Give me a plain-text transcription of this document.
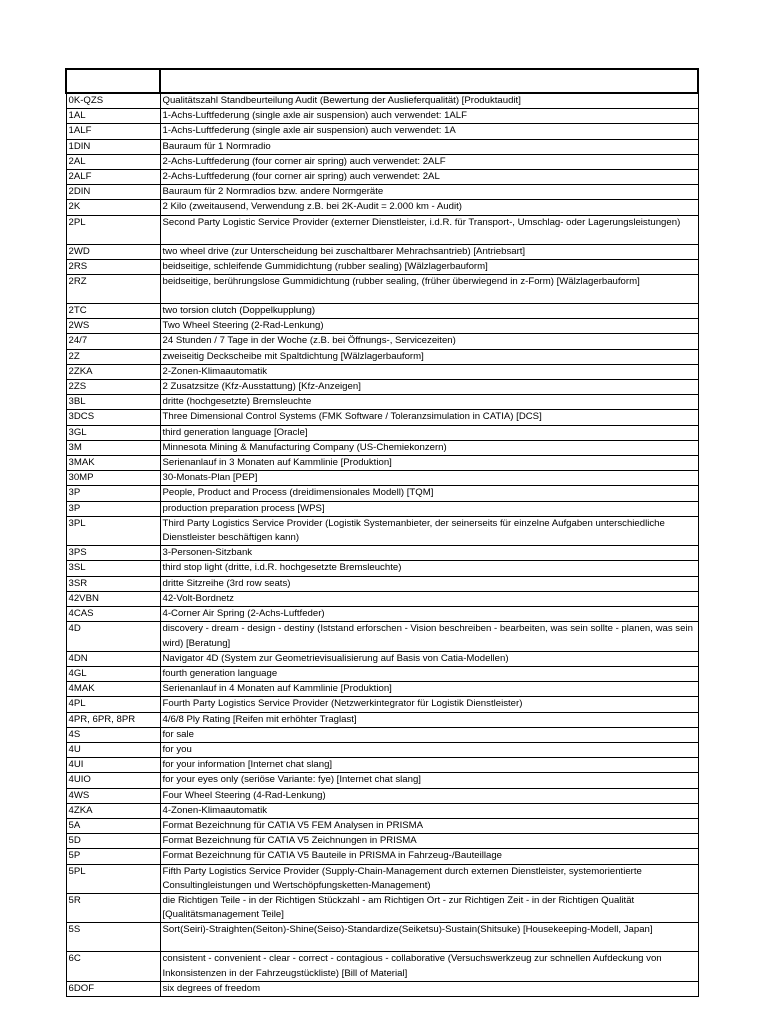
0K-QZS	Qualitätszahl Standbeurteilung Audit (Bewertung der Auslieferqualität) [Produktaudit]
1AL	1-Achs-Luftfederung (single axle air suspension) auch verwendet: 1ALF
1ALF	1-Achs-Luftfederung (single axle air suspension) auch verwendet: 1A
1DIN	Bauraum für 1 Normradio
2AL	2-Achs-Luftfederung (four corner air spring) auch verwendet: 2ALF
2ALF	2-Achs-Luftfederung (four corner air spring) auch verwendet: 2AL
2DIN	Bauraum für 2 Normradios bzw. andere Normgeräte
2K	2 Kilo (zweitausend, Verwendung z.B. bei 2K-Audit = 2.000 km - Audit)
2PL	Second Party Logistic Service Provider (externer Dienstleister, i.d.R. für Transport-, Umschlag- oder Lagerungsleistungen)
2WD	two wheel drive (zur Unterscheidung bei zuschaltbarer Mehrachsantrieb) [Antriebsart]
2RS	beidseitige, schleifende Gummidichtung (rubber sealing) [Wälzlagerbauform]
2RZ	beidseitige, berührungslose Gummidichtung (rubber sealing, (früher überwiegend in z-Form) [Wälzlagerbauform]
2TC	two torsion clutch (Doppelkupplung)
2WS	Two Wheel Steering (2-Rad-Lenkung)
24/7	24 Stunden / 7 Tage in der Woche (z.B. bei Öffnungs-, Servicezeiten)
2Z	zweiseitig Deckscheibe mit Spaltdichtung [Wälzlagerbauform]
2ZKA	2-Zonen-Klimaautomatik
2ZS	2 Zusatzsitze (Kfz-Ausstattung) [Kfz-Anzeigen]
3BL	dritte (hochgesetzte) Bremsleuchte
3DCS	Three Dimensional Control Systems (FMK Software / Toleranzsimulation in CATIA) [DCS]
3GL	third generation language [Oracle]
3M	Minnesota Mining & Manufacturing Company (US-Chemiekonzern)
3MAK	Serienanlauf in 3 Monaten auf Kammlinie [Produktion]
30MP	30-Monats-Plan [PEP]
3P	People, Product and Process (dreidimensionales Modell) [TQM]
3P	production preparation process [WPS]
3PL	Third Party Logistics Service Provider (Logistik Systemanbieter, der seinerseits für einzelne Aufgaben unterschiedliche Dienstleister beschäftigen kann)
3PS	3-Personen-Sitzbank
3SL	third stop light (dritte, i.d.R. hochgesetzte Bremsleuchte)
3SR	dritte Sitzreihe (3rd row seats)
42VBN	42-Volt-Bordnetz
4CAS	4-Corner Air Spring (2-Achs-Luftfeder)
4D	discovery - dream - design - destiny (Iststand erforschen - Vision beschreiben - bearbeiten, was sein sollte - planen, was sein wird) [Beratung]
4DN	Navigator 4D (System zur Geometrievisualisierung auf Basis von Catia-Modellen)
4GL	fourth generation language
4MAK	Serienanlauf in 4 Monaten auf Kammlinie [Produktion]
4PL	Fourth Party Logistics Service Provider (Netzwerkintegrator für Logistik Dienstleister)
4PR, 6PR, 8PR	4/6/8 Ply Rating [Reifen mit erhöhter Traglast]
4S	for sale
4U	for you
4UI	for your information [Internet chat slang]
4UIO	for your eyes only (seriöse Variante: fye) [Internet chat slang]
4WS	Four Wheel Steering (4-Rad-Lenkung)
4ZKA	4-Zonen-Klimaautomatik
5A	Format Bezeichnung für CATIA V5 FEM Analysen in PRISMA
5D	Format Bezeichnung für CATIA V5 Zeichnungen in PRISMA
5P	Format Bezeichnung für CATIA V5 Bauteile in PRISMA in Fahrzeug-/Bauteillage
5PL	Fifth Party Logistics Service Provider (Supply-Chain-Management durch externen Dienstleister, systemorientierte Consultingleistungen und Wertschöpfungsketten-Management)
5R	die Richtigen Teile - in der Richtigen Stückzahl - am Richtigen Ort - zur Richtigen Zeit - in der Richtigen Qualität [Qualitätsmanagement Teile]
5S	Sort(Seiri)-Straighten(Seiton)-Shine(Seiso)-Standardize(Seiketsu)-Sustain(Shitsuke) [Housekeeping-Modell, Japan]
6C	consistent - convenient - clear - correct - contagious - collaborative (Versuchswerkzeug zur schnellen Aufdeckung von Inkonsistenzen in der Fahrzeugstückliste) [Bill of Material]
6DOF	six degrees of freedom
